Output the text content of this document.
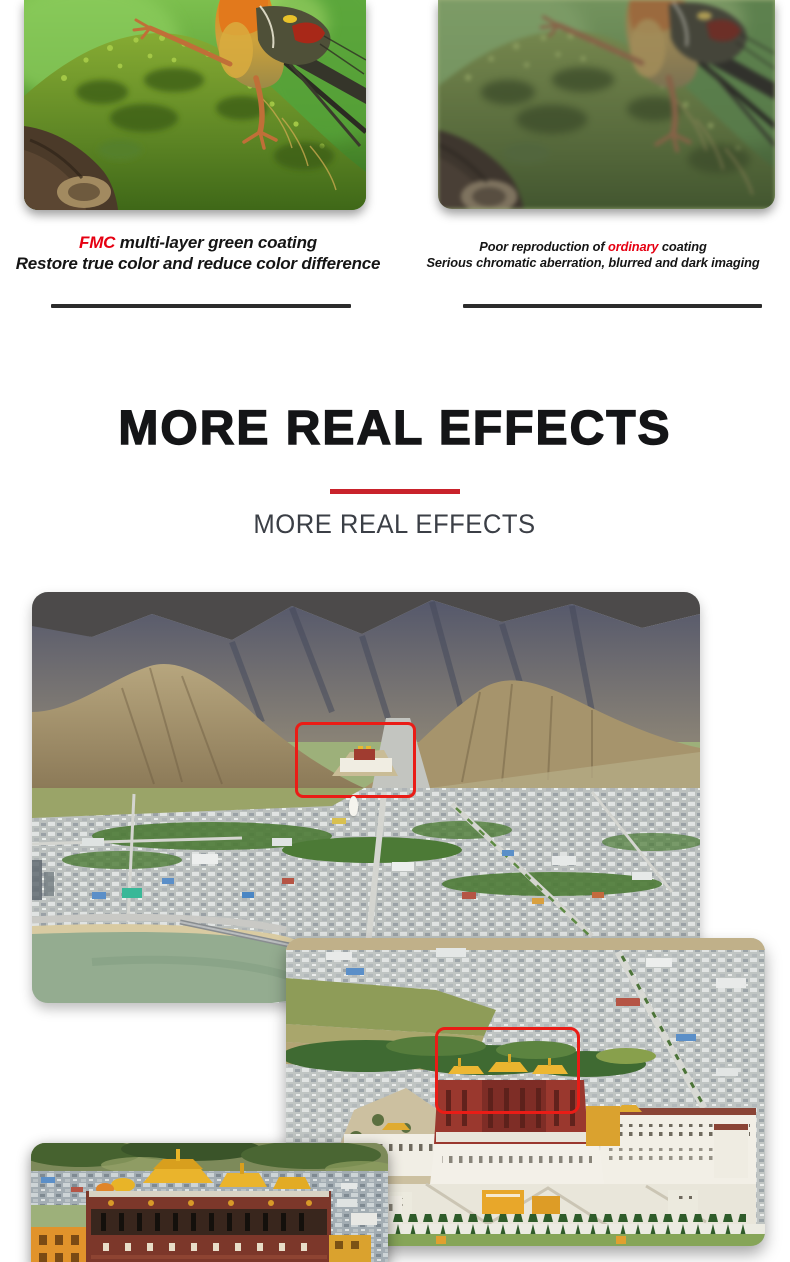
FMC multi-layer green coating
Restore true color and reduce color difference
Poor reproduction of ordinary coating
Serious chromatic aberration, blurred and dark imaging
MORE REAL EFFECTS
MORE REAL EFFECTS
